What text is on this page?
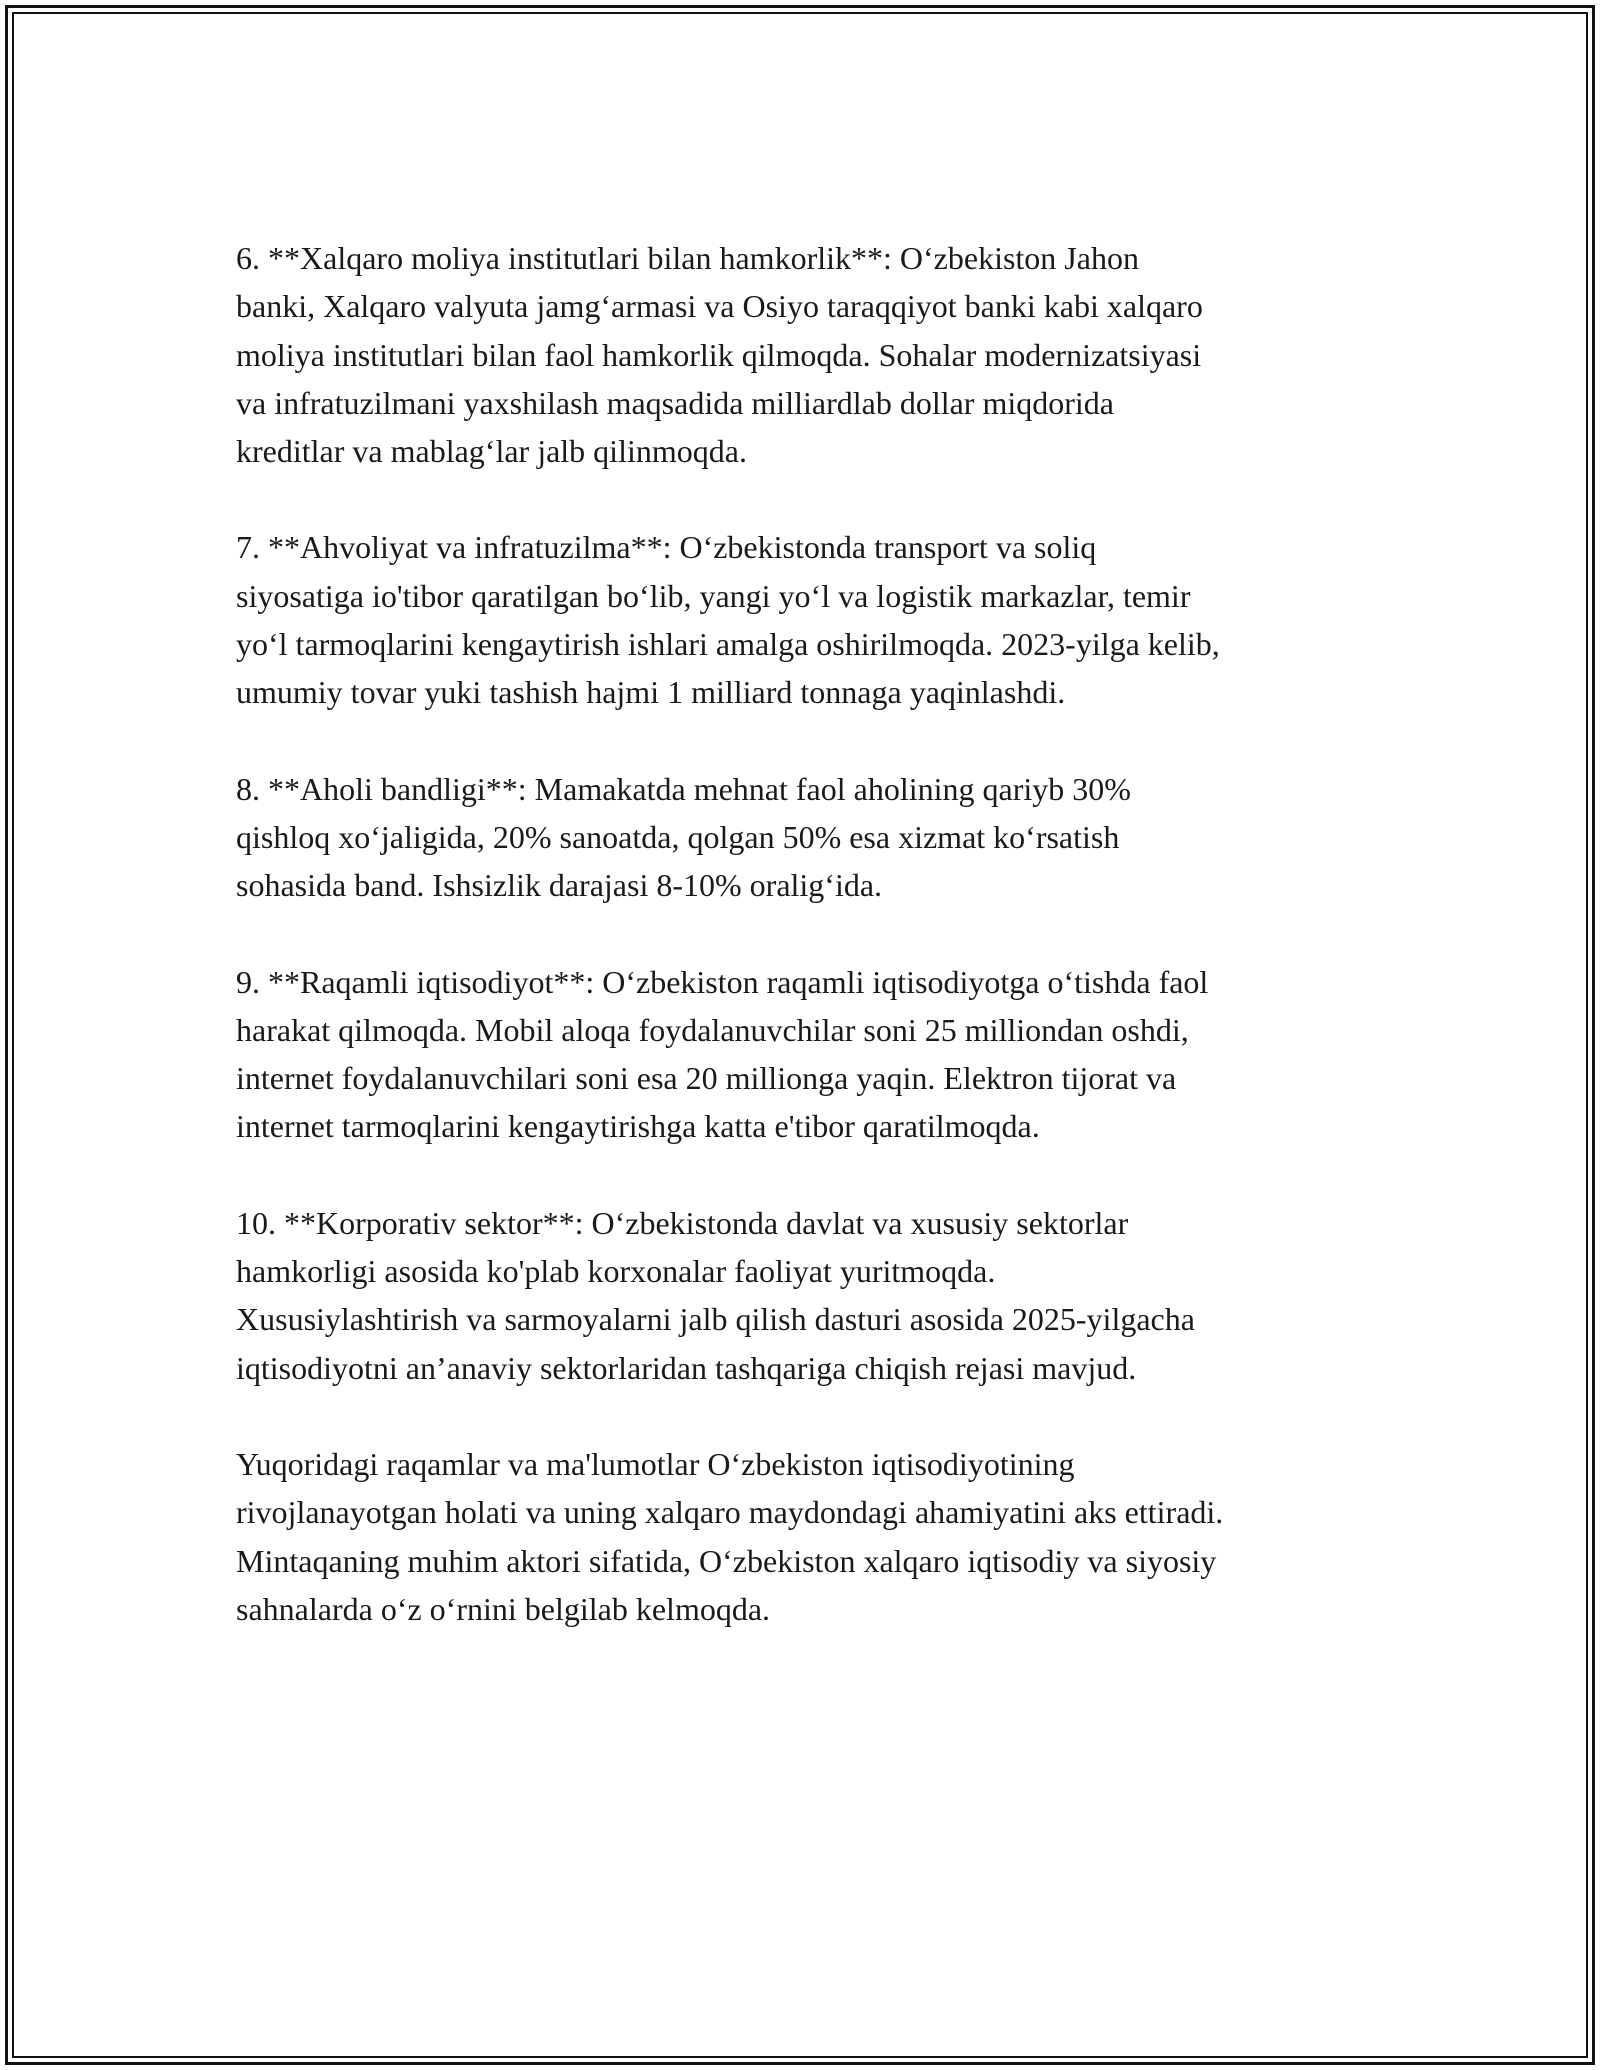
6. **Xalqaro moliya institutlari bilan hamkorlik**: O‘zbekiston Jahon
banki, Xalqaro valyuta jamg‘armasi va Osiyo taraqqiyot banki kabi xalqaro
moliya institutlari bilan faol hamkorlik qilmoqda. Sohalar modernizatsiyasi
va infratuzilmani yaxshilash maqsadida milliardlab dollar miqdorida
kreditlar va mablag‘lar jalb qilinmoqda.

7. **Ahvoliyat va infratuzilma**: O‘zbekistonda transport va soliq
siyosatiga io'tibor qaratilgan bo‘lib, yangi yo‘l va logistik markazlar, temir
yo‘l tarmoqlarini kengaytirish ishlari amalga oshirilmoqda. 2023-yilga kelib,
umumiy tovar yuki tashish hajmi 1 milliard tonnaga yaqinlashdi.

8. **Aholi bandligi**: Mamakatda mehnat faol aholining qariyb 30%
qishloq xo‘jaligida, 20% sanoatda, qolgan 50% esa xizmat ko‘rsatish
sohasida band. Ishsizlik darajasi 8-10% oralig‘ida.

9. **Raqamli iqtisodiyot**: O‘zbekiston raqamli iqtisodiyotga o‘tishda faol
harakat qilmoqda. Mobil aloqa foydalanuvchilar soni 25 milliondan oshdi,
internet foydalanuvchilari soni esa 20 millionga yaqin. Elektron tijorat va
internet tarmoqlarini kengaytirishga katta e'tibor qaratilmoqda.

10. **Korporativ sektor**: O‘zbekistonda davlat va xususiy sektorlar
hamkorligi asosida ko'plab korxonalar faoliyat yuritmoqda.
Xususiylashtirish va sarmoyalarni jalb qilish dasturi asosida 2025-yilgacha
iqtisodiyotni an’anaviy sektorlaridan tashqariga chiqish rejasi mavjud.

Yuqoridagi raqamlar va ma'lumotlar O‘zbekiston iqtisodiyotining
rivojlanayotgan holati va uning xalqaro maydondagi ahamiyatini aks ettiradi.
Mintaqaning muhim aktori sifatida, O‘zbekiston xalqaro iqtisodiy va siyosiy
sahnalarda o‘z o‘rnini belgilab kelmoqda.
